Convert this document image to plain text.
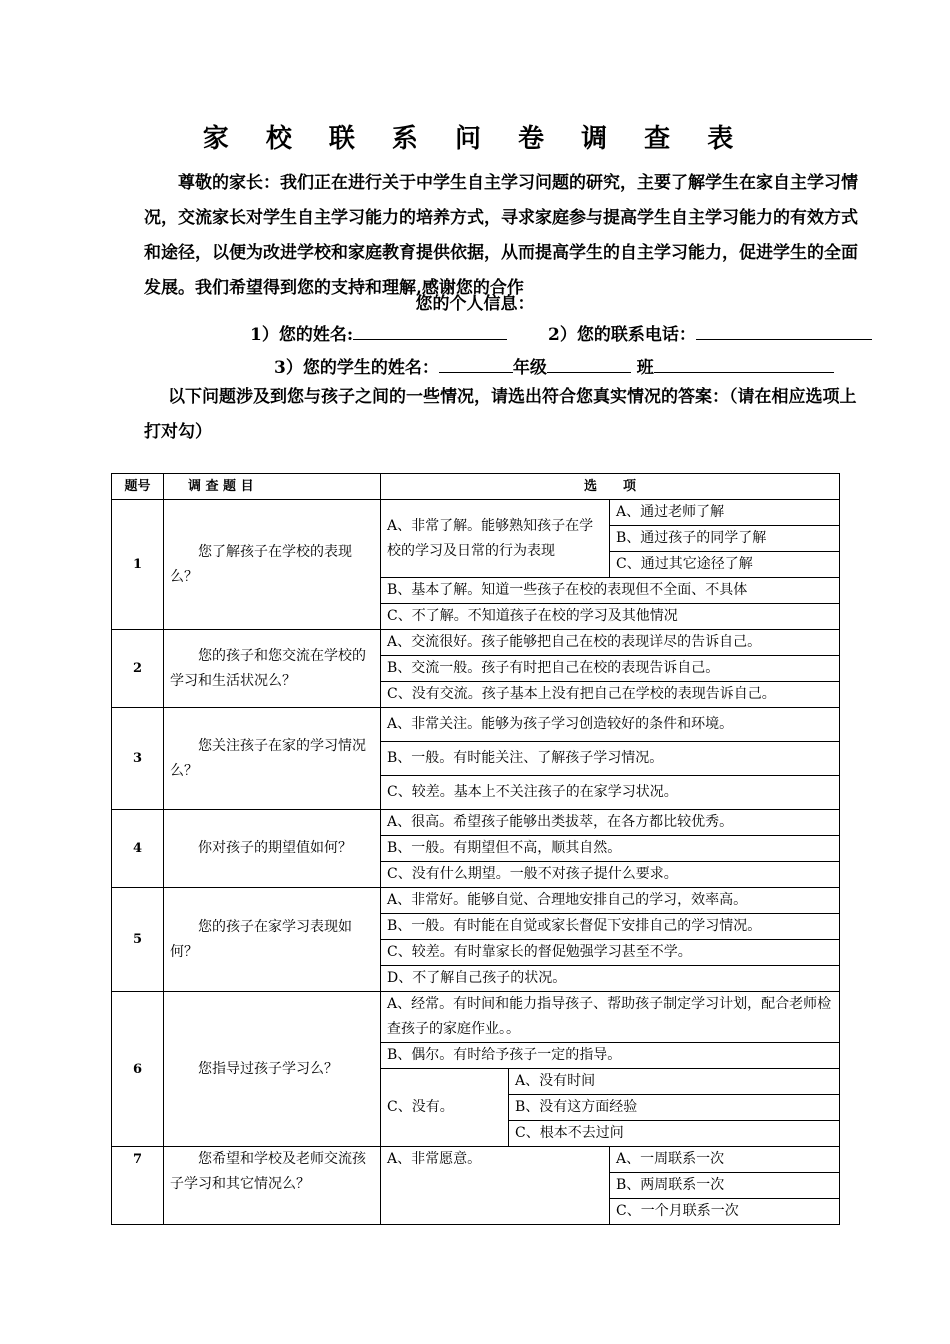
家 校 联 系 问 卷 调 查 表
尊敬的家长：我们正在进行关于中学生自主学习问题的研究，主要了解学生在家自主学习情况，交流家长对学生自主学习能力的培养方式，寻求家庭参与提高学生自主学习能力的有效方式和途径，以便为改进学校和家庭教育提供依据，从而提高学生的自主学习能力，促进学生的全面发展。我们希望得到您的支持和理解,感谢您的合作
您的个人信息：
1）您的姓名:	2）您的联系电话：
3）您的学生的姓名：	年级	班
以下问题涉及到您与孩子之间的一些情况，请选出符合您真实情况的答案：（请在相应选项上打对勾）
题号	调 查 题 目	选　　项		
1	您了解孩子在学校的表现么？	A、非常了解。能够熟知孩子在学校的学习及日常的行为表现		A、通过老师了解
				B、通过孩子的同学了解
				C、通过其它途径了解
		B、基本了解。知道一些孩子在校的表现但不全面、不具体		
		C、不了解。不知道孩子在校的学习及其他情况		
2	您的孩子和您交流在学校的学习和生活状况么？	A、交流很好。孩子能够把自己在校的表现详尽的告诉自己。		
		B、交流一般。孩子有时把自己在校的表现告诉自己。		
		C、没有交流。孩子基本上没有把自己在学校的表现告诉自己。		
3	您关注孩子在家的学习情况么？	A、非常关注。能够为孩子学习创造较好的条件和环境。		
		B、一般。有时能关注、了解孩子学习情况。		
		C、较差。基本上不关注孩子的在家学习状况。		
4	你对孩子的期望值如何？	A、很高。希望孩子能够出类拔萃，在各方都比较优秀。		
		B、一般。有期望但不高，顺其自然。		
		C、没有什么期望。一般不对孩子提什么要求。		
5	您的孩子在家学习表现如何？	A、非常好。能够自觉、合理地安排自己的学习，效率高。		
		B、一般。有时能在自觉或家长督促下安排自己的学习情况。		
		C、较差。有时靠家长的督促勉强学习甚至不学。		
		D、不了解自己孩子的状况。		
6	您指导过孩子学习么？	A、经常。有时间和能力指导孩子、帮助孩子制定学习计划，配合老师检查孩子的家庭作业。。		
		B、偶尔。有时给予孩子一定的指导。		
		C、没有。	A、没有时间	
			B、没有这方面经验	
			C、根本不去过问	
7	您希望和学校及老师交流孩子学习和其它情况么？	A、非常愿意。		A、一周联系一次
				B、两周联系一次
				C、一个月联系一次
